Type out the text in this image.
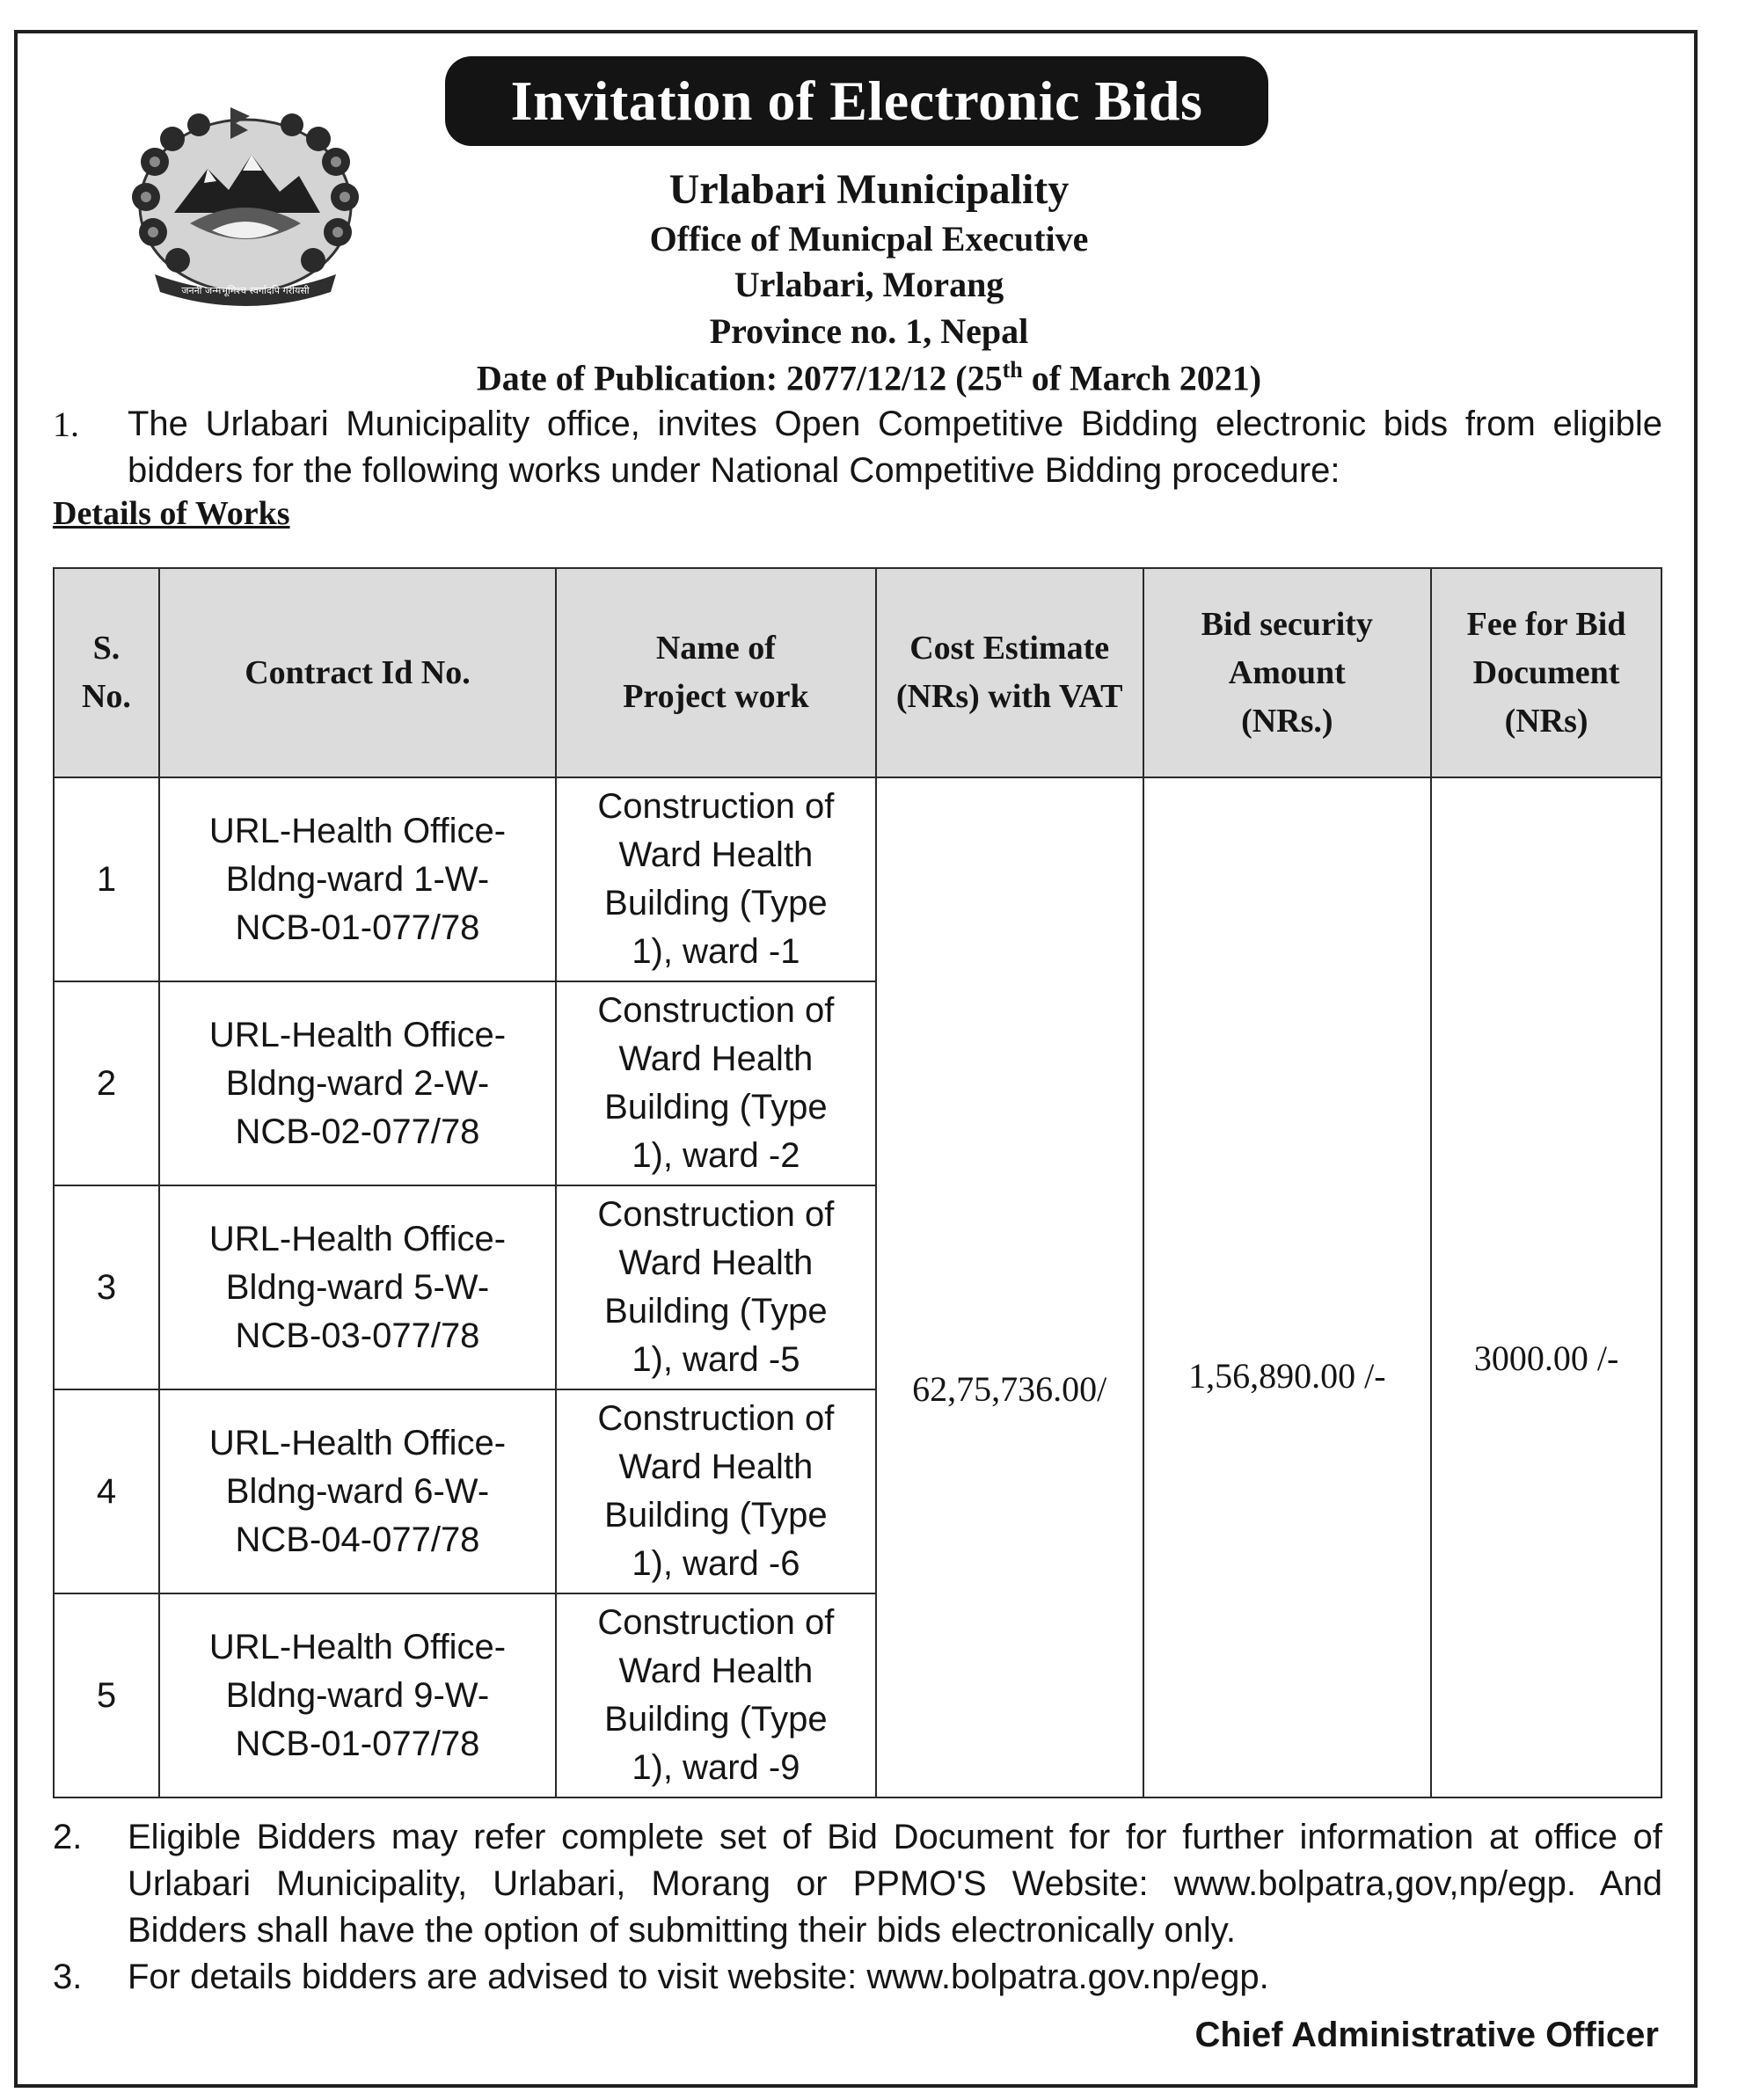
Invitation of Electronic Bids
जननी जन्मभूमिश्च स्वर्गादपि गरीयसी
Urlabari Municipality
Office of Municpal Executive
Urlabari, Morang
Province no. 1, Nepal
Date of Publication: 2077/12/12 (25th of March 2021)
1. The Urlabari Municipality office, invites Open Competitive Bidding electronic bids from eligible bidders for the following works under National Competitive Bidding procedure:
Details of Works
S. No.	Contract Id No.	Name of Project work	Cost Estimate (NRs) with VAT	Bid security Amount (NRs.)	Fee for Bid Document (NRs)
1	URL-Health Office-Bldng-ward 1-W-NCB-01-077/78	Construction of Ward Health Building (Type 1), ward -1	62,75,736.00/	1,56,890.00 /-	3000.00 /-
2	URL-Health Office-Bldng-ward 2-W-NCB-02-077/78	Construction of Ward Health Building (Type 1), ward -2			
3	URL-Health Office-Bldng-ward 5-W-NCB-03-077/78	Construction of Ward Health Building (Type 1), ward -5			
4	URL-Health Office-Bldng-ward 6-W-NCB-04-077/78	Construction of Ward Health Building (Type 1), ward -6			
5	URL-Health Office-Bldng-ward 9-W-NCB-01-077/78	Construction of Ward Health Building (Type 1), ward -9			
2. Eligible Bidders may refer complete set of Bid Document for for further information at office of Urlabari Municipality, Urlabari, Morang or PPMO'S Website: www.bolpatra,gov,np/egp. And Bidders shall have the option of submitting their bids electronically only.
3. For details bidders are advised to visit website: www.bolpatra.gov.np/egp.
Chief Administrative Officer
